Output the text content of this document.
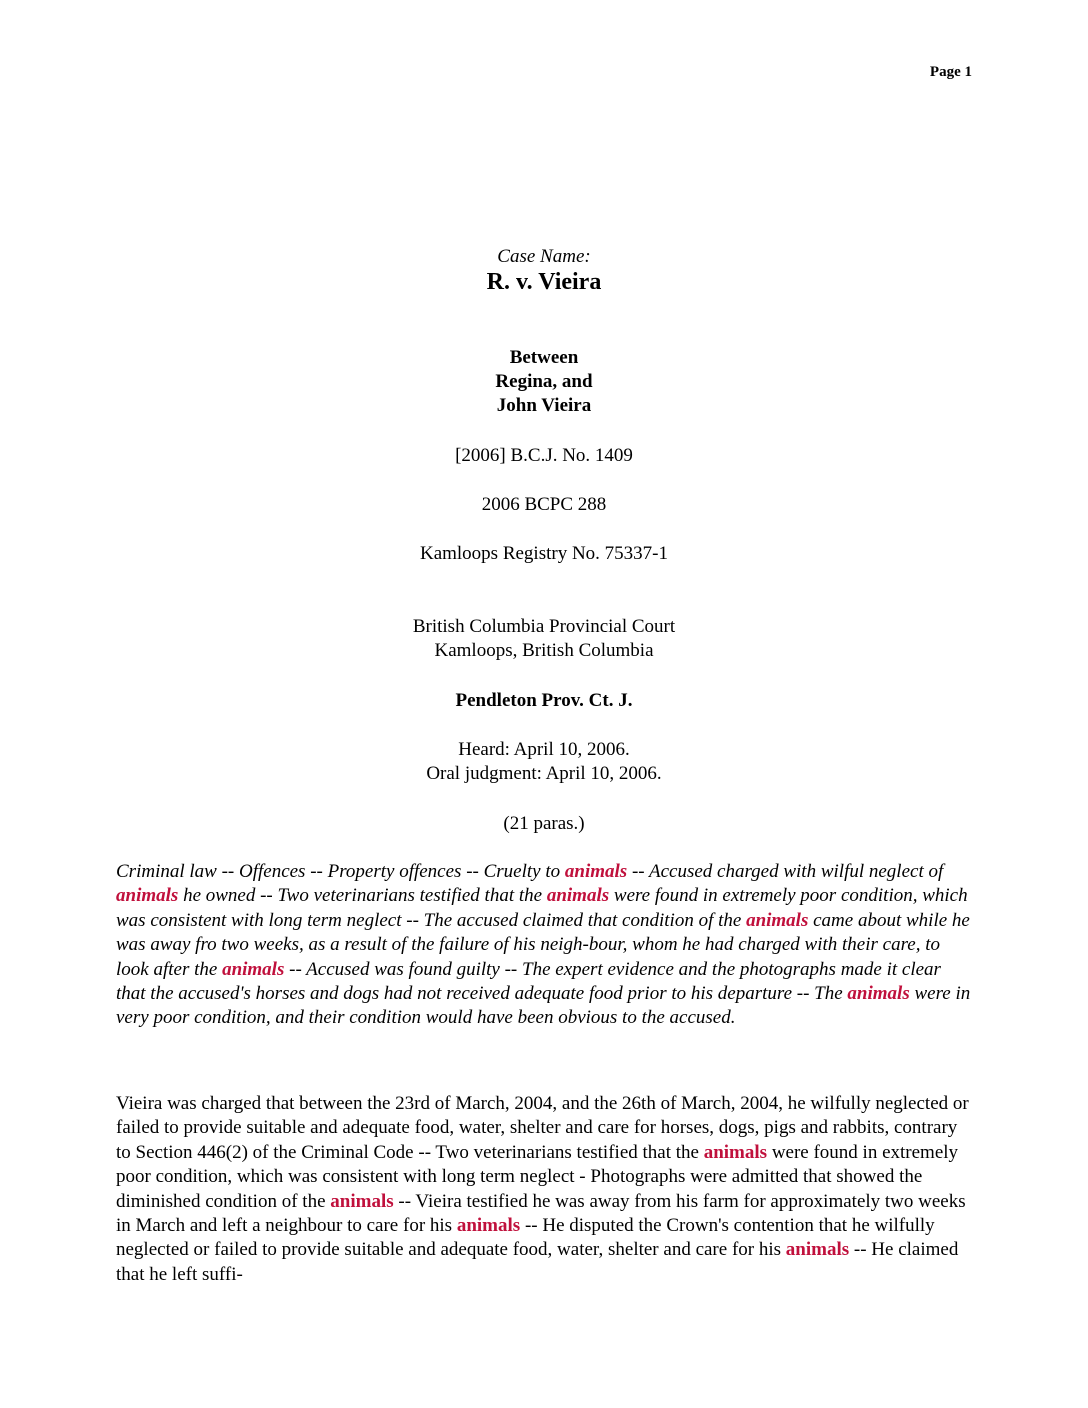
Page 1
Case Name:
R. v. Vieira
Between
Regina, and
John Vieira
[2006] B.C.J. No. 1409
2006 BCPC 288
Kamloops Registry No. 75337-1
British Columbia Provincial Court
Kamloops, British Columbia
Pendleton Prov. Ct. J.
Heard: April 10, 2006.
Oral judgment: April 10, 2006.
(21 paras.)
Criminal law -- Offences -- Property offences -- Cruelty to animals -- Accused charged with wilful neglect of animals he owned -- Two veterinarians testified that the animals were found in extremely poor condition, which was consistent with long term neglect -- The accused claimed that condition of the animals came about while he was away fro two weeks, as a result of the failure of his neigh-bour, whom he had charged with their care, to look after the animals -- Accused was found guilty -- The expert evidence and the photographs made it clear that the accused's horses and dogs had not received adequate food prior to his departure -- The animals were in very poor condition, and their condition would have been obvious to the accused.
Vieira was charged that between the 23rd of March, 2004, and the 26th of March, 2004, he wilfully neglected or failed to provide suitable and adequate food, water, shelter and care for horses, dogs, pigs and rabbits, contrary to Section 446(2) of the Criminal Code -- Two veterinarians testified that the animals were found in extremely poor condition, which was consistent with long term neglect - Photographs were admitted that showed the diminished condition of the animals -- Vieira testified he was away from his farm for approximately two weeks in March and left a neighbour to care for his animals -- He disputed the Crown's contention that he wilfully neglected or failed to provide suitable and adequate food, water, shelter and care for his animals -- He claimed that he left suffi-
